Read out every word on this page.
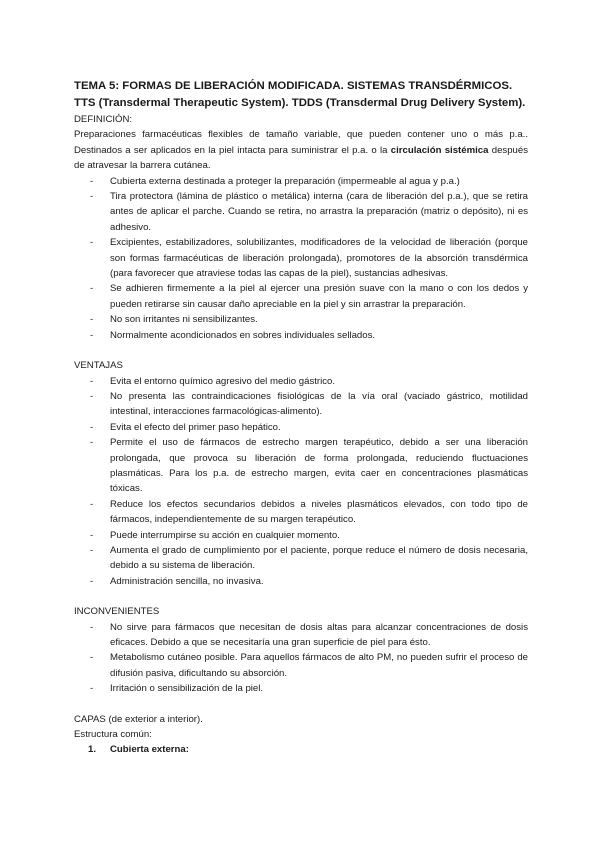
TEMA 5: FORMAS DE LIBERACIÓN MODIFICADA. SISTEMAS TRANSDÉRMICOS. TTS (Transdermal Therapeutic System). TDDS (Transdermal Drug Delivery System).
DEFINICIÓN:

Preparaciones farmacéuticas flexibles de tamaño variable, que pueden contener uno o más p.a.. Destinados a ser aplicados en la piel intacta para suministrar el p.a. o la circulación sistémica después de atravesar la barrera cutánea.

- Cubierta externa destinada a proteger la preparación (impermeable al agua y p.a.)
- Tira protectora (lámina de plástico o metálica) interna (cara de liberación del p.a.), que se retira antes de aplicar el parche. Cuando se retira, no arrastra la preparación (matriz o depósito), ni es adhesivo.
- Excipientes, estabilizadores, solubilizantes, modificadores de la velocidad de liberación (porque son formas farmacéuticas de liberación prolongada), promotores de la absorción transdérmica (para favorecer que atraviese todas las capas de la piel), sustancias adhesivas.
- Se adhieren firmemente a la piel al ejercer una presión suave con la mano o con los dedos y pueden retirarse sin causar daño apreciable en la piel y sin arrastrar la preparación.
- No son irritantes ni sensibilizantes.
- Normalmente acondicionados en sobres individuales sellados.
VENTAJAS
- Evita el entorno químico agresivo del medio gástrico.
- No presenta las contraindicaciones fisiológicas de la vía oral (vaciado gástrico, motilidad intestinal, interacciones farmacológicas-alimento).
- Evita el efecto del primer paso hepático.
- Permite el uso de fármacos de estrecho margen terapéutico, debido a ser una liberación prolongada, que provoca su liberación de forma prolongada, reduciendo fluctuaciones plasmáticas. Para los p.a. de estrecho margen, evita caer en concentraciones plasmáticas tóxicas.
- Reduce los efectos secundarios debidos a niveles plasmáticos elevados, con todo tipo de fármacos, independientemente de su margen terapéutico.
- Puede interrumpirse su acción en cualquier momento.
- Aumenta el grado de cumplimiento por el paciente, porque reduce el número de dosis necesaria, debido a su sistema de liberación.
- Administración sencilla, no invasiva.
INCONVENIENTES
- No sirve para fármacos que necesitan de dosis altas para alcanzar concentraciones de dosis eficaces. Debido a que se necesitaría una gran superficie de piel para ésto.
- Metabolismo cutáneo posible. Para aquellos fármacos de alto PM, no pueden sufrir el proceso de difusión pasiva, dificultando su absorción.
- Irritación o sensibilización de la piel.
CAPAS (de exterior a interior).
Estructura común:
1. Cubierta externa:
